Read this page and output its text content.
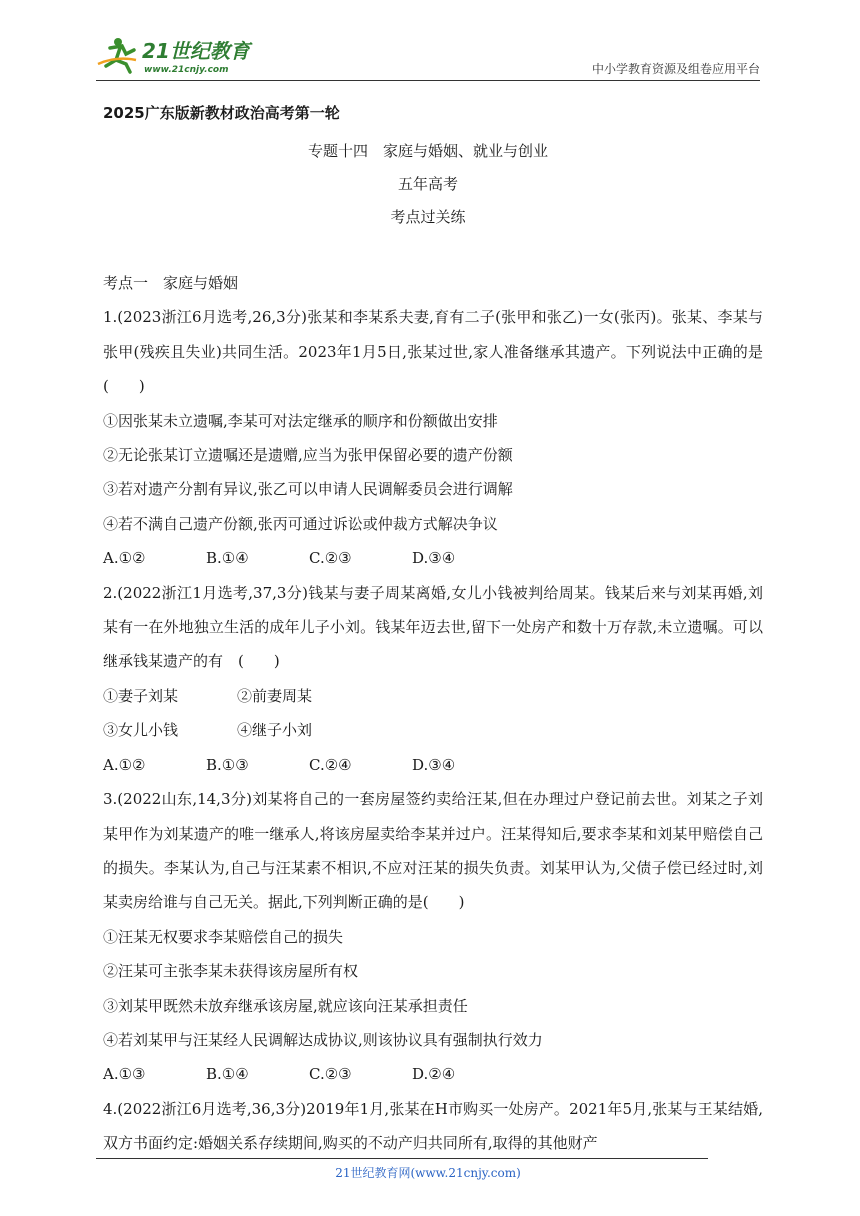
21世纪教育
www.21cnjy.com	中小学教育资源及组卷应用平台
2025广东版新教材政治高考第一轮
专题十四　家庭与婚姻、就业与创业
五年高考
考点过关练

考点一　家庭与婚姻

1.(2023浙江6月选考,26,3分)张某和李某系夫妻,育有二子(张甲和张乙)一女(张丙)。张某、李某与张甲(残疾且失业)共同生活。2023年1月5日,张某过世,家人准备继承其遗产。下列说法中正确的是(　　)

①因张某未立遗嘱,李某可对法定继承的顺序和份额做出安排

②无论张某订立遗嘱还是遗赠,应当为张甲保留必要的遗产份额

③若对遗产分割有异议,张乙可以申请人民调解委员会进行调解

④若不满自己遗产份额,张丙可通过诉讼或仲裁方式解决争议

A.①②	B.①④	C.②③	D.③④

2.(2022浙江1月选考,37,3分)钱某与妻子周某离婚,女儿小钱被判给周某。钱某后来与刘某再婚,刘某有一在外地独立生活的成年儿子小刘。钱某年迈去世,留下一处房产和数十万存款,未立遗嘱。可以继承钱某遗产的有　(　　)

①妻子刘某	②前妻周某

③女儿小钱	④继子小刘

A.①②	B.①③	C.②④	D.③④

3.(2022山东,14,3分)刘某将自己的一套房屋签约卖给汪某,但在办理过户登记前去世。刘某之子刘某甲作为刘某遗产的唯一继承人,将该房屋卖给李某并过户。汪某得知后,要求李某和刘某甲赔偿自己的损失。李某认为,自己与汪某素不相识,不应对汪某的损失负责。刘某甲认为,父债子偿已经过时,刘某卖房给谁与自己无关。据此,下列判断正确的是(　　)

①汪某无权要求李某赔偿自己的损失

②汪某可主张李某未获得该房屋所有权

③刘某甲既然未放弃继承该房屋,就应该向汪某承担责任

④若刘某甲与汪某经人民调解达成协议,则该协议具有强制执行效力

A.①③	B.①④	C.②③	D.②④

4.(2022浙江6月选考,36,3分)2019年1月,张某在H市购买一处房产。2021年5月,张某与王某结婚,双方书面约定:婚姻关系存续期间,购买的不动产归共同所有,取得的其他财产

21世纪教育网(www.21cnjy.com)
